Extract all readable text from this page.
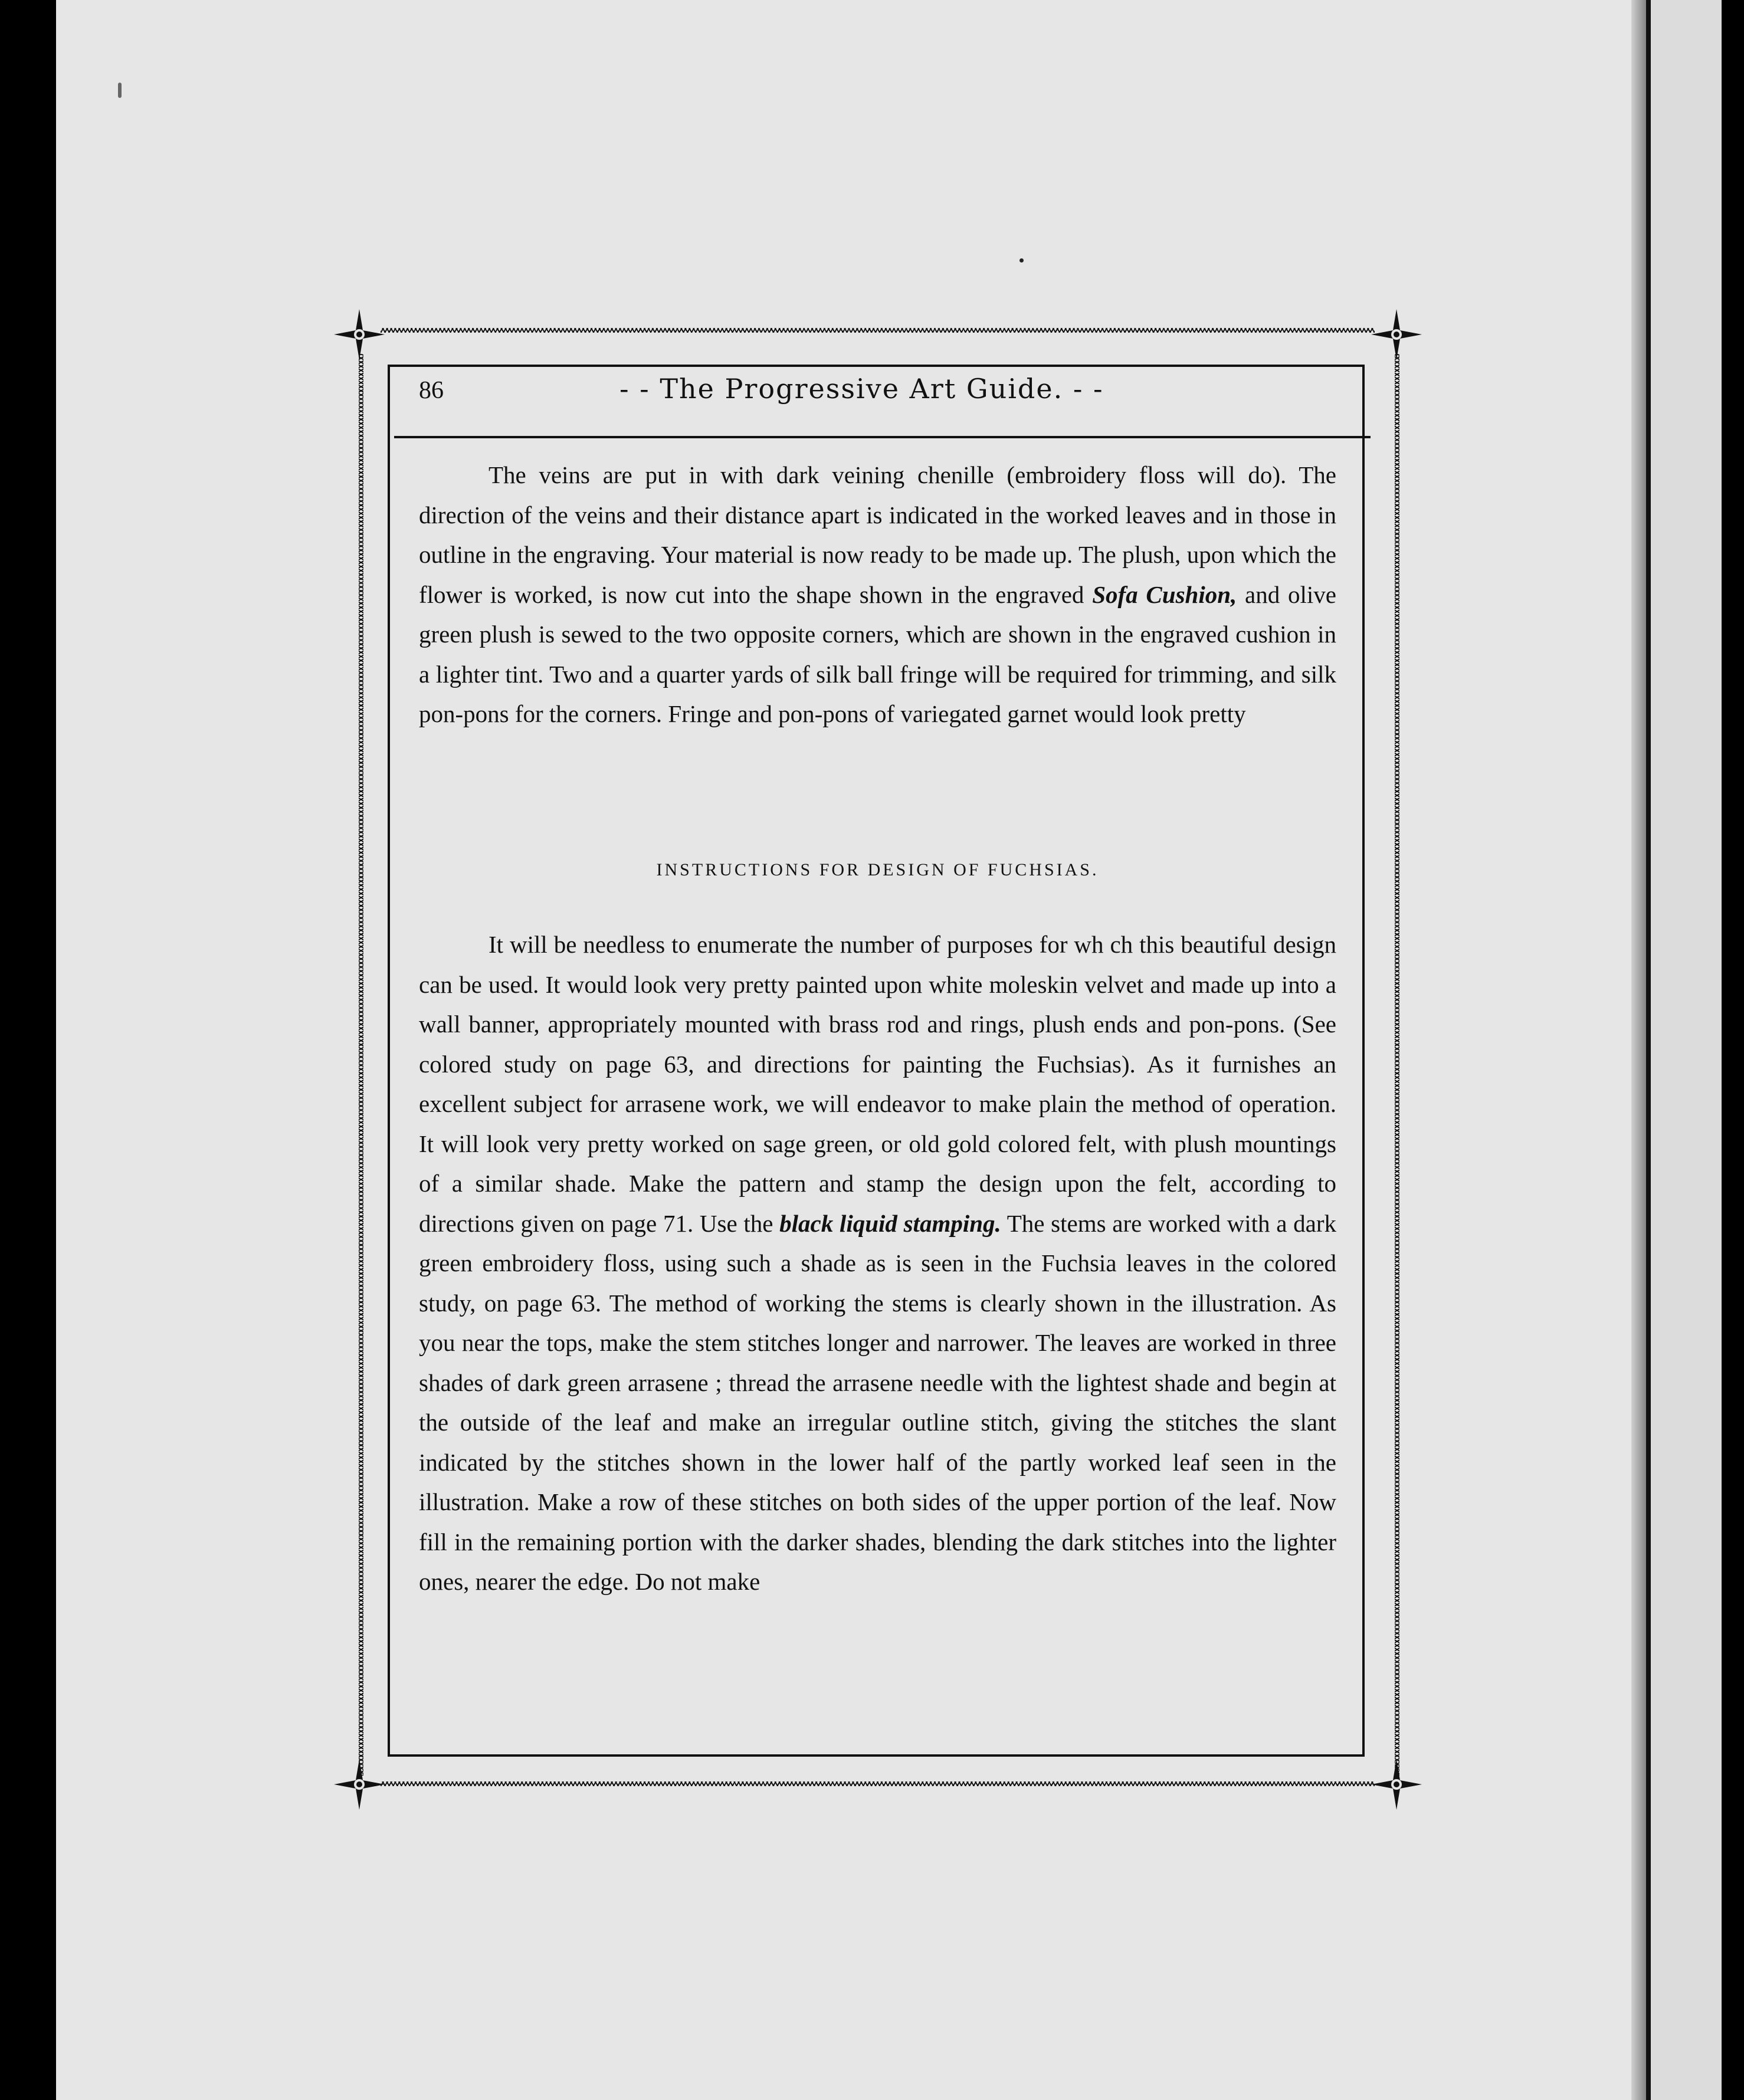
86	- - The Progressive Art Guide. - -

The veins are put in with dark veining chenille (embroidery floss will do). The direction of the veins and their distance apart is indicated in the worked leaves and in those in outline in the engraving. Your material is now ready to be made up. The plush, upon which the flower is worked, is now cut into the shape shown in the engraved Sofa Cushion, and olive green plush is sewed to the two opposite corners, which are shown in the engraved cushion in a lighter tint. Two and a quarter yards of silk ball fringe will be required for trimming, and silk pon-pons for the corners. Fringe and pon-pons of variegated garnet would look pretty

INSTRUCTIONS FOR DESIGN OF FUCHSIAS.

It will be needless to enumerate the number of purposes for wh ch this beautiful design can be used. It would look very pretty painted upon white moleskin velvet and made up into a wall banner, appropriately mounted with brass rod and rings, plush ends and pon-pons. (See colored study on page 63, and directions for painting the Fuchsias). As it furnishes an excellent subject for arrasene work, we will endeavor to make plain the method of operation. It will look very pretty worked on sage green, or old gold colored felt, with plush mountings of a similar shade. Make the pattern and stamp the design upon the felt, according to directions given on page 71. Use the black liquid stamping. The stems are worked with a dark green embroidery floss, using such a shade as is seen in the Fuchsia leaves in the colored study, on page 63. The method of working the stems is clearly shown in the illustration. As you near the tops, make the stem stitches longer and narrower. The leaves are worked in three shades of dark green arrasene ; thread the arrasene needle with the lightest shade and begin at the outside of the leaf and make an irregular outline stitch, giving the stitches the slant indicated by the stitches shown in the lower half of the partly worked leaf seen in the illustration. Make a row of these stitches on both sides of the upper portion of the leaf. Now fill in the remaining portion with the darker shades, blending the dark stitches into the lighter ones, nearer the edge. Do not make
